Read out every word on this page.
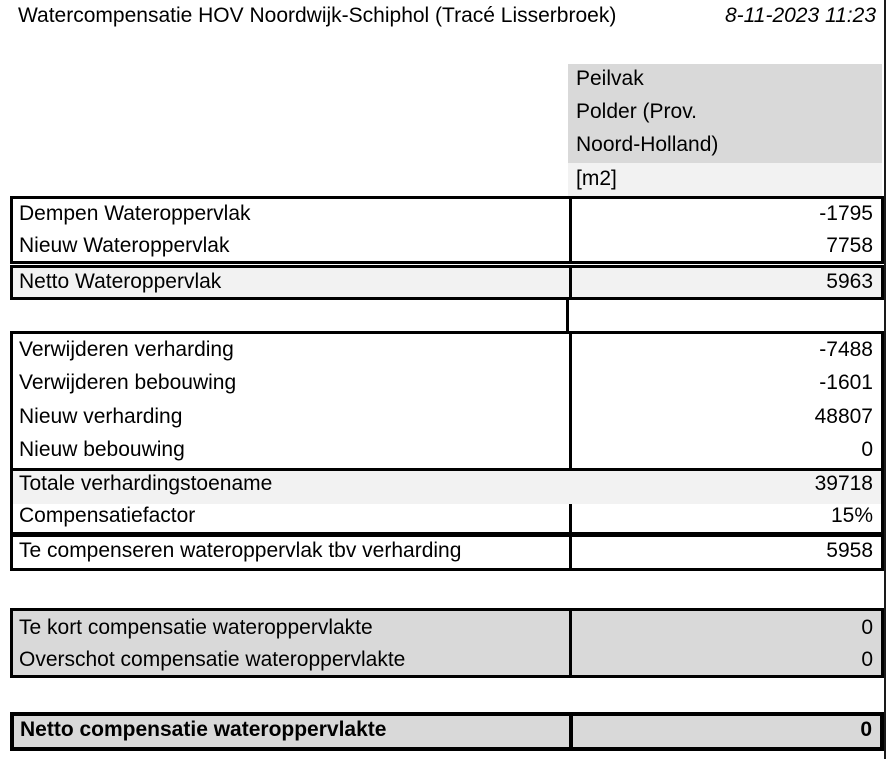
Watercompensatie HOV Noordwijk-Schiphol (Tracé Lisserbroek)	8-11-2023 11:23
Peilvak
Polder (Prov.
Noord-Holland)
[m2]
Dempen Wateroppervlak	-1795
Nieuw Wateroppervlak	7758
Netto Wateroppervlak	5963
Verwijderen verharding	-7488
Verwijderen bebouwing	-1601
Nieuw verharding	48807
Nieuw bebouwing	0
Totale verhardingstoename	39718
Compensatiefactor	15%
Te compenseren wateroppervlak tbv verharding	5958
Te kort compensatie wateroppervlakte	0
Overschot compensatie wateroppervlakte	0
Netto compensatie wateroppervlakte	0
